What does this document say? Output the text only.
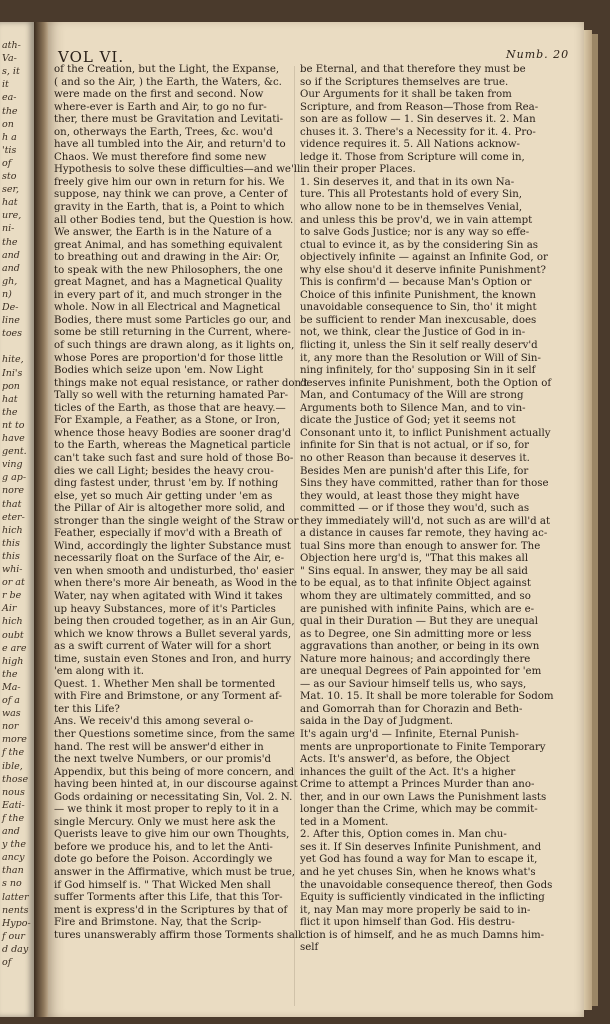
ath-
Va-
s, it
it
ea-
the
on
h a
'tis
of
sto
ser,
hat
ure,
ni-
the
and
and
gh,
n)
De-
line
toes
hite,
Ini's
pon
hat
the
nt to
have
gent.
ving
g ap-
nore
that
eter-
hich
this
this
whi-
or at
r be
Air
hich
oubt
e are
high
the
Ma-
of a
was
nor
more
f the
ible,
those
nous
Eati-
f the
and
y the
ancy
than
s no
latter
nents
Hypo-
f our
d day
of
VOL VI.	Numb. 20
of the Creation, but the Light, the Expanse,
( and so the Air, ) the Earth, the Waters, &c.
were made on the first and second. Now
where-ever is Earth and Air, to go no fur-
ther, there must be Gravitation and Levitati-
on, otherways the Earth, Trees, &c. wou'd
have all tumbled into the Air, and return'd to
Chaos. We must therefore find some new
Hypothesis to solve these difficulties—and we'll
freely give him our own in return for his. We
suppose, nay think we can prove, a Center of
gravity in the Earth, that is, a Point to which
all other Bodies tend, but the Question is how.
We answer, the Earth is in the Nature of a
great Animal, and has something equivalent
to breathing out and drawing in the Air: Or,
to speak with the new Philosophers, the one
great Magnet, and has a Magnetical Quality
in every part of it, and much stronger in the
whole. Now in all Electrical and Magnetical
Bodies, there must some Particles go our, and
some be still returning in the Current, where-
of such things are drawn along, as it lights on,
whose Pores are proportion'd for those little
Bodies which seize upon 'em. Now Light
things make not equal resistance, or rather don't
Tally so well with the returning hamated Par-
ticles of the Earth, as those that are heavy.—
For Example, a Feather, as a Stone, or Iron,
whence those heavy Bodies are sooner drag'd
to the Earth, whereas the Magnetical particle
can't take such fast and sure hold of those Bo-
dies we call Light; besides the heavy crou-
ding fastest under, thrust 'em by. If nothing
else, yet so much Air getting under 'em as
the Pillar of Air is altogether more solid, and
stronger than the single weight of the Straw or
Feather, especially if mov'd with a Breath of
Wind, accordingly the lighter Substance must
necessarily float on the Surface of the Air, e-
ven when smooth and undisturbed, tho' easier
when there's more Air beneath, as Wood in the
Water, nay when agitated with Wind it takes
up heavy Substances, more of it's Particles
being then crouded together, as in an Air Gun,
which we know throws a Bullet several yards,
as a swift current of Water will for a short
time, sustain even Stones and Iron, and hurry
'em along with it.
Quest. 1. Whether Men shall be tormented
with Fire and Brimstone, or any Torment af-
ter this Life?
Ans. We receiv'd this among several o-
ther Questions sometime since, from the same
hand. The rest will be answer'd either in
the next twelve Numbers, or our promis'd
Appendix, but this being of more concern, and
having been hinted at, in our discourse against
Gods ordaining or necessitating Sin, Vol. 2. N.
— we think it most proper to reply to it in a
single Mercury. Only we must here ask the
Querists leave to give him our own Thoughts,
before we produce his, and to let the Anti-
dote go before the Poison. Accordingly we
answer in the Affirmative, which must be true,
if God himself is. " That Wicked Men shall
suffer Torments after this Life, that this Tor-
ment is express'd in the Scriptures by that of
Fire and Brimstone. Nay, that the Scrip-
tures unanswerably affirm those Torments shall
be Eternal, and that therefore they must be
so if the Scriptures themselves are true.
Our Arguments for it shall be taken from
Scripture, and from Reason—Those from Rea-
son are as follow — 1. Sin deserves it. 2. Man
chuses it. 3. There's a Necessity for it. 4. Pro-
vidence requires it. 5. All Nations acknow-
ledge it. Those from Scripture will come in,
in their proper Places.
1. Sin deserves it, and that in its own Na-
ture. This all Protestants hold of every Sin,
who allow none to be in themselves Venial,
and unless this be prov'd, we in vain attempt
to salve Gods Justice; nor is any way so effe-
ctual to evince it, as by the considering Sin as
objectively infinite — against an Infinite God, or
why else shou'd it deserve infinite Punishment?
This is confirm'd — because Man's Option or
Choice of this infinite Punishment, the known
unavoidable consequence to Sin, tho' it might
be sufficient to render Man inexcusable, does
not, we think, clear the Justice of God in in-
flicting it, unless the Sin it self really deserv'd
it, any more than the Resolution or Will of Sin-
ning infinitely, for tho' supposing Sin in it self
deserves infinite Punishment, both the Option of
Man, and Contumacy of the Will are strong
Arguments both to Silence Man, and to vin-
dicate the Justice of God; yet it seems not
Consonant unto it, to inflict Punishment actually
infinite for Sin that is not actual, or if so, for
no other Reason than because it deserves it.
Besides Men are punish'd after this Life, for
Sins they have committed, rather than for those
they would, at least those they might have
committed — or if those they wou'd, such as
they immediately will'd, not such as are will'd at
a distance in causes far remote, they having ac-
tual Sins more than enough to answer for. The
Objection here urg'd is, "That this makes all
" Sins equal. In answer, they may be all said
to be equal, as to that infinite Object against
whom they are ultimately committed, and so
are punished with infinite Pains, which are e-
qual in their Duration — But they are unequal
as to Degree, one Sin admitting more or less
aggravations than another, or being in its own
Nature more hainous; and accordingly there
are unequal Degrees of Pain appointed for 'em
— as our Saviour himself tells us, who says,
Mat. 10. 15. It shall be more tolerable for Sodom
and Gomorrah than for Chorazin and Beth-
saida in the Day of Judgment.
It's again urg'd — Infinite, Eternal Punish-
ments are unproportionate to Finite Temporary
Acts. It's answer'd, as before, the Object
inhances the guilt of the Act. It's a higher
Crime to attempt a Princes Murder than ano-
ther, and in our own Laws the Punishment lasts
longer than the Crime, which may be commit-
ted in a Moment.
2. After this, Option comes in. Man chu-
ses it. If Sin deserves Infinite Punishment, and
yet God has found a way for Man to escape it,
and he yet chuses Sin, when he knows what's
the unavoidable consequence thereof, then Gods
Equity is sufficiently vindicated in the inflicting
it, nay Man may more properly be said to in-
flict it upon himself than God. His destru-
ction is of himself, and he as much Damns him-
self
